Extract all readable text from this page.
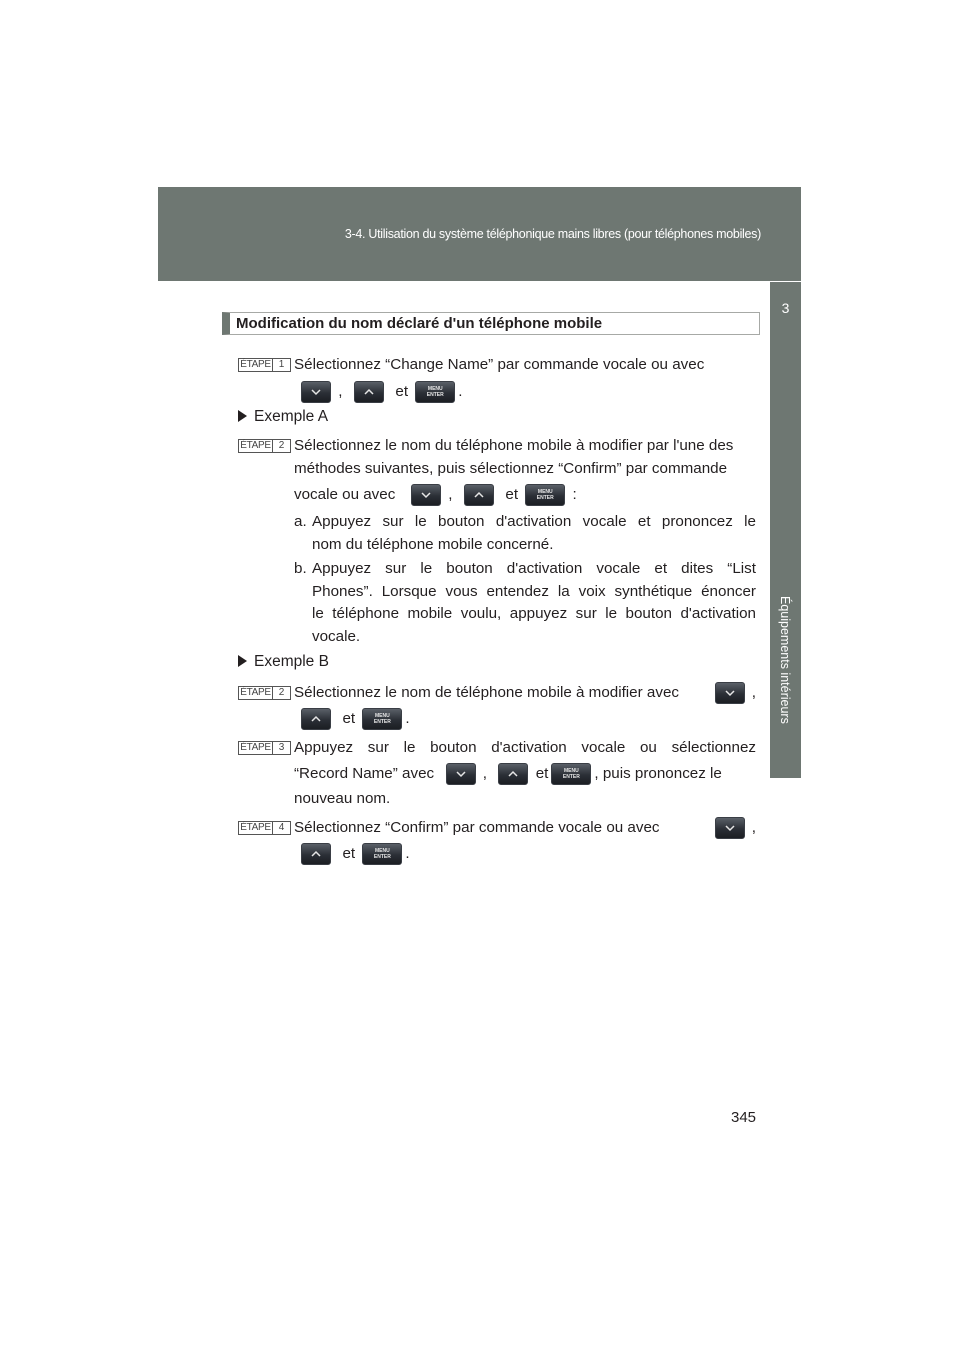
3-4. Utilisation du système téléphonique mains libres (pour téléphones mobiles)
3
Équipements intérieurs
Modification du nom déclaré d'un téléphone mobile
ÉTAPE 1 Sélectionnez “Change Name” par commande vocale ou avec
,	et	MENU
ENTER .
Exemple A
ÉTAPE 2 Sélectionnez le nom du téléphone mobile à modifier par l'une des
méthodes suivantes, puis sélectionnez “Confirm” par commande
vocale ou avec	,	et	MENU
ENTER	:
a. Appuyez sur le bouton d'activation vocale et prononcez le
nom du téléphone mobile concerné.
b. Appuyez sur le bouton d'activation vocale et dites “List
Phones”. Lorsque vous entendez la voix synthétique énoncer
le téléphone mobile voulu, appuyez sur le bouton d'activation
vocale.
Exemple B
ÉTAPE 2 Sélectionnez le nom de téléphone mobile à modifier avec
	,
et	MENU
ENTER .
ÉTAPE 3 Appuyez sur le bouton d'activation vocale ou sélectionnez
“Record Name” avec

	,

	et	MENU
ENTER , puis prononcez le
nouveau nom.
ÉTAPE 4 Sélectionnez “Confirm” par commande vocale ou avec
	,
et	MENU
ENTER .
345
